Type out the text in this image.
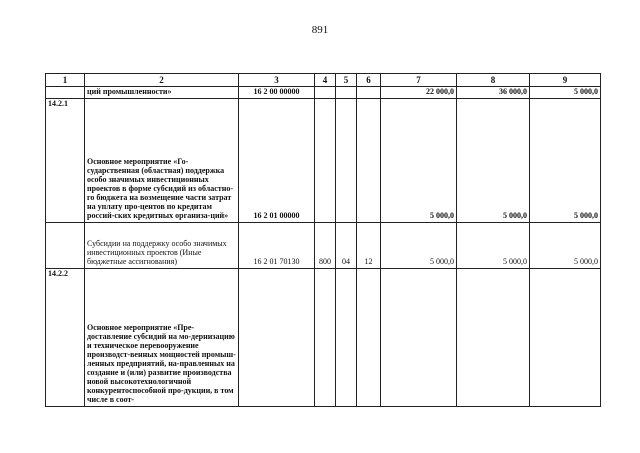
891
1	2	3	4	5	6	7	8	9
	ций промышленности»	16 2 00 00000				22 000,0	36 000,0	5 000,0
14.2.1	Основное мероприятие «Го-сударственная (областная) поддержка особо значимых инвестиционных проектов в форме субсидий из областно-го бюджета на возмещение части затрат на уплату про-центов по кредитам россий-ских кредитных организа-ций»	16 2 01 00000				5 000,0	5 000,0	5 000,0
	Субсидии на поддержку особо значимых инвестиционных проектов (Иные бюджетные ассигнования)	16 2 01 70130	800	04	12	5 000,0	5 000,0	5 000,0
14.2.2	Основное мероприятие «Пре-доставление субсидий на мо-дернизацию и техническое перевооружение производст-венных мощностей промыш-ленных предприятий, на-правленных на создание и (или) развитие производства новой высокотехнологичной конкурентоспособной про-дукции, в том числе в соот-							
